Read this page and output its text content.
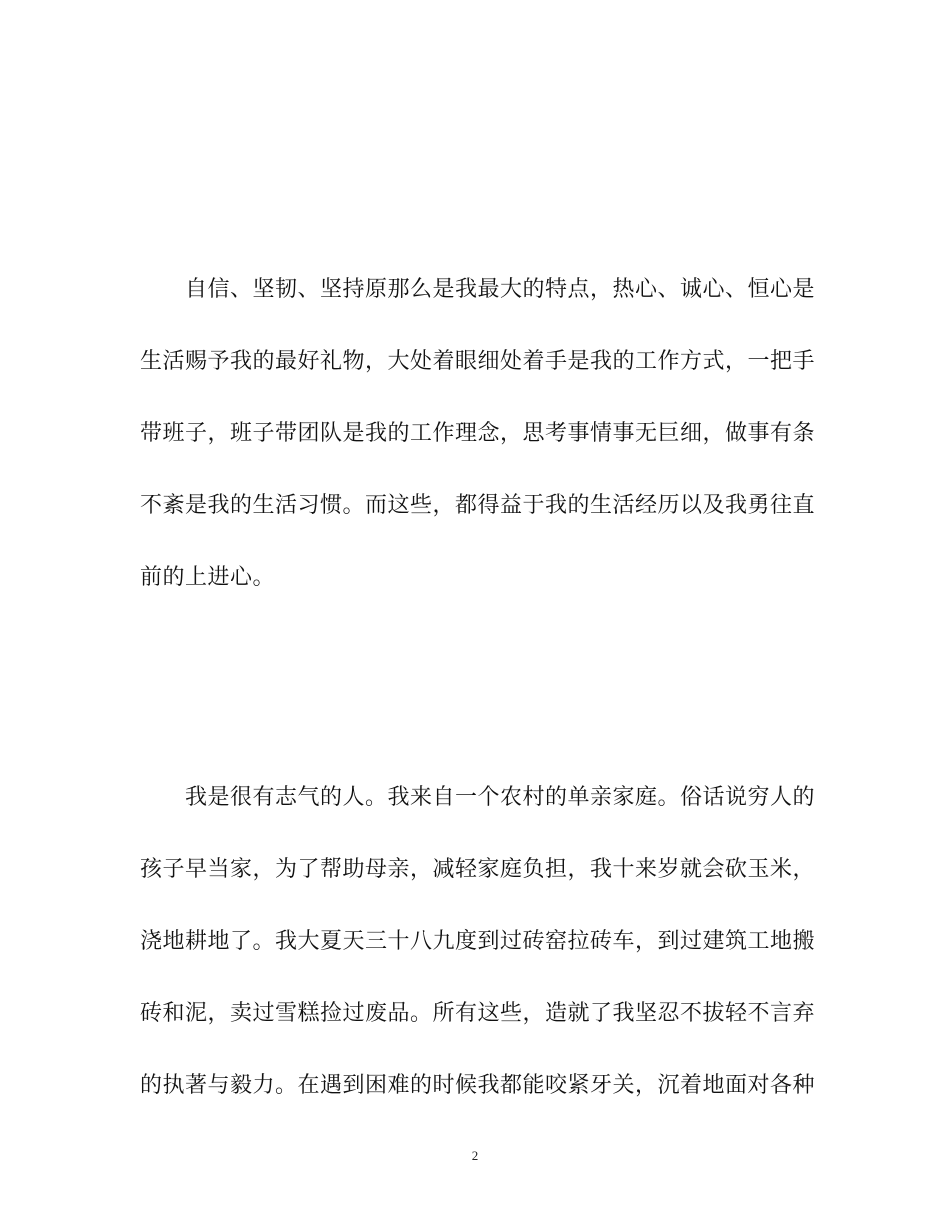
自信、坚韧、坚持原那么是我最大的特点，热心、诚心、恒心是
生活赐予我的最好礼物，大处着眼细处着手是我的工作方式，一把手
带班子，班子带团队是我的工作理念，思考事情事无巨细，做事有条
不紊是我的生活习惯。而这些，都得益于我的生活经历以及我勇往直
前的上进心。
我是很有志气的人。我来自一个农村的单亲家庭。俗话说穷人的
孩子早当家，为了帮助母亲，减轻家庭负担，我十来岁就会砍玉米，
浇地耕地了。我大夏天三十八九度到过砖窑拉砖车，到过建筑工地搬
砖和泥，卖过雪糕捡过废品。所有这些，造就了我坚忍不拔轻不言弃
的执著与毅力。在遇到困难的时候我都能咬紧牙关，沉着地面对各种
2
